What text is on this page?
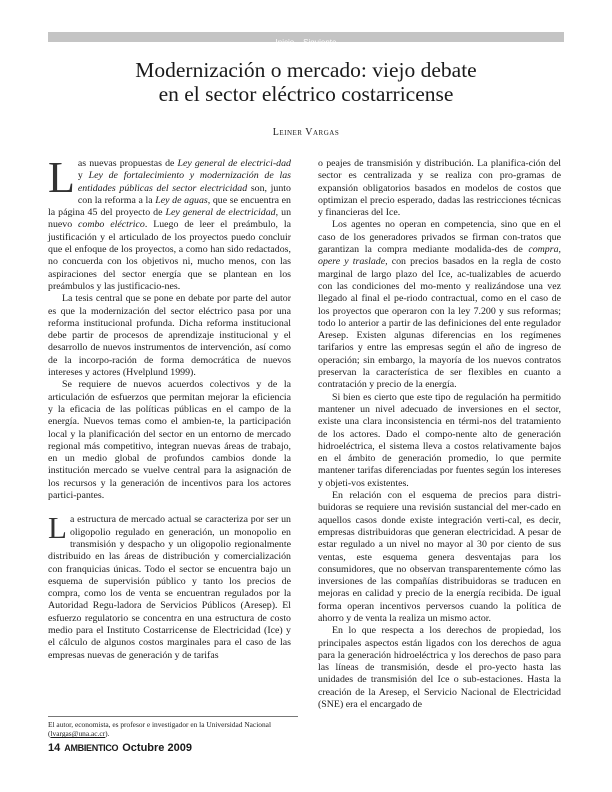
Inicio – Siguiente
Modernización o mercado: viejo debate
en el sector eléctrico costarricense
Leiner Vargas

Las nuevas propuestas de Ley general de electrici-dad y Ley de fortalecimiento y modernización de las entidades públicas del sector electricidad son, junto con la reforma a la Ley de aguas, que se encuentra en la página 45 del proyecto de Ley general de electricidad, un nuevo combo eléctrico. Luego de leer el preámbulo, la justificación y el articulado de los proyectos puedo concluir que el enfoque de los proyectos, a como han sido redactados, no concuerda con los objetivos ni, mucho menos, con las aspiraciones del sector energía que se plantean en los preámbulos y las justificacio-nes.

La tesis central que se pone en debate por parte del autor es que la modernización del sector eléctrico pasa por una reforma institucional profunda. Dicha reforma institucional debe partir de procesos de aprendizaje institucional y el desarrollo de nuevos instrumentos de intervención, así como de la incorpo-ración de forma democrática de nuevos intereses y actores (Hvelplund 1999).

Se requiere de nuevos acuerdos colectivos y de la articulación de esfuerzos que permitan mejorar la eficiencia y la eficacia de las políticas públicas en el campo de la energía. Nuevos temas como el ambien-te, la participación local y la planificación del sector en un entorno de mercado regional más competitivo, integran nuevas áreas de trabajo, en un medio global de profundos cambios donde la institución mercado se vuelve central para la asignación de los recursos y la generación de incentivos para los actores partici-pantes.

La estructura de mercado actual se caracteriza por ser un oligopolio regulado en generación, un monopolio en transmisión y despacho y un oligopolio regionalmente distribuido en las áreas de distribución y comercialización con franquicias únicas. Todo el sector se encuentra bajo un esquema de supervisión público y tanto los precios de compra, como los de venta se encuentran regulados por la Autoridad Regu-ladora de Servicios Públicos (Aresep). El esfuerzo regulatorio se concentra en una estructura de costo medio para el Instituto Costarricense de Electricidad (Ice) y el cálculo de algunos costos marginales para el caso de las empresas nuevas de generación y de tarifas

o peajes de transmisión y distribución. La planifica-ción del sector es centralizada y se realiza con pro-gramas de expansión obligatorios basados en modelos de costos que optimizan el precio esperado, dadas las restricciones técnicas y financieras del Ice.

Los agentes no operan en competencia, sino que en el caso de los generadores privados se firman con-tratos que garantizan la compra mediante modalida-des de compra, opere y traslade, con precios basados en la regla de costo marginal de largo plazo del Ice, ac-tualizables de acuerdo con las condiciones del mo-mento y realizándose una vez llegado al final el pe-riodo contractual, como en el caso de los proyectos que operaron con la ley 7.200 y sus reformas; todo lo anterior a partir de las definiciones del ente regulador Aresep. Existen algunas diferencias en los regímenes tarifarios y entre las empresas según el año de ingreso de operación; sin embargo, la mayoría de los nuevos contratos preservan la característica de ser flexibles en cuanto a contratación y precio de la energía.

Si bien es cierto que este tipo de regulación ha permitido mantener un nivel adecuado de inversiones en el sector, existe una clara inconsistencia en térmi-nos del tratamiento de los actores. Dado el compo-nente alto de generación hidroeléctrica, el sistema lleva a costos relativamente bajos en el ámbito de generación promedio, lo que permite mantener tarifas diferenciadas por fuentes según los intereses y objeti-vos existentes.

En relación con el esquema de precios para distri-buidoras se requiere una revisión sustancial del mer-cado en aquellos casos donde existe integración verti-cal, es decir, empresas distribuidoras que generan electricidad. A pesar de estar regulado a un nivel no mayor al 30 por ciento de sus ventas, este esquema genera desventajas para los consumidores, que no observan transparentemente cómo las inversiones de las compañías distribuidoras se traducen en mejoras en calidad y precio de la energía recibida. De igual forma operan incentivos perversos cuando la política de ahorro y de venta la realiza un mismo actor.

En lo que respecta a los derechos de propiedad, los principales aspectos están ligados con los derechos de agua para la generación hidroeléctrica y los derechos de paso para las líneas de transmisión, desde el pro-yecto hasta las unidades de transmisión del Ice o sub-estaciones. Hasta la creación de la Aresep, el Servicio Nacional de Electricidad (SNE) era el encargado de

El autor, economista, es profesor e investigador en la Universidad Nacional (lvargas@una.ac.cr).
14 AMBIENTICO Octubre 2009
